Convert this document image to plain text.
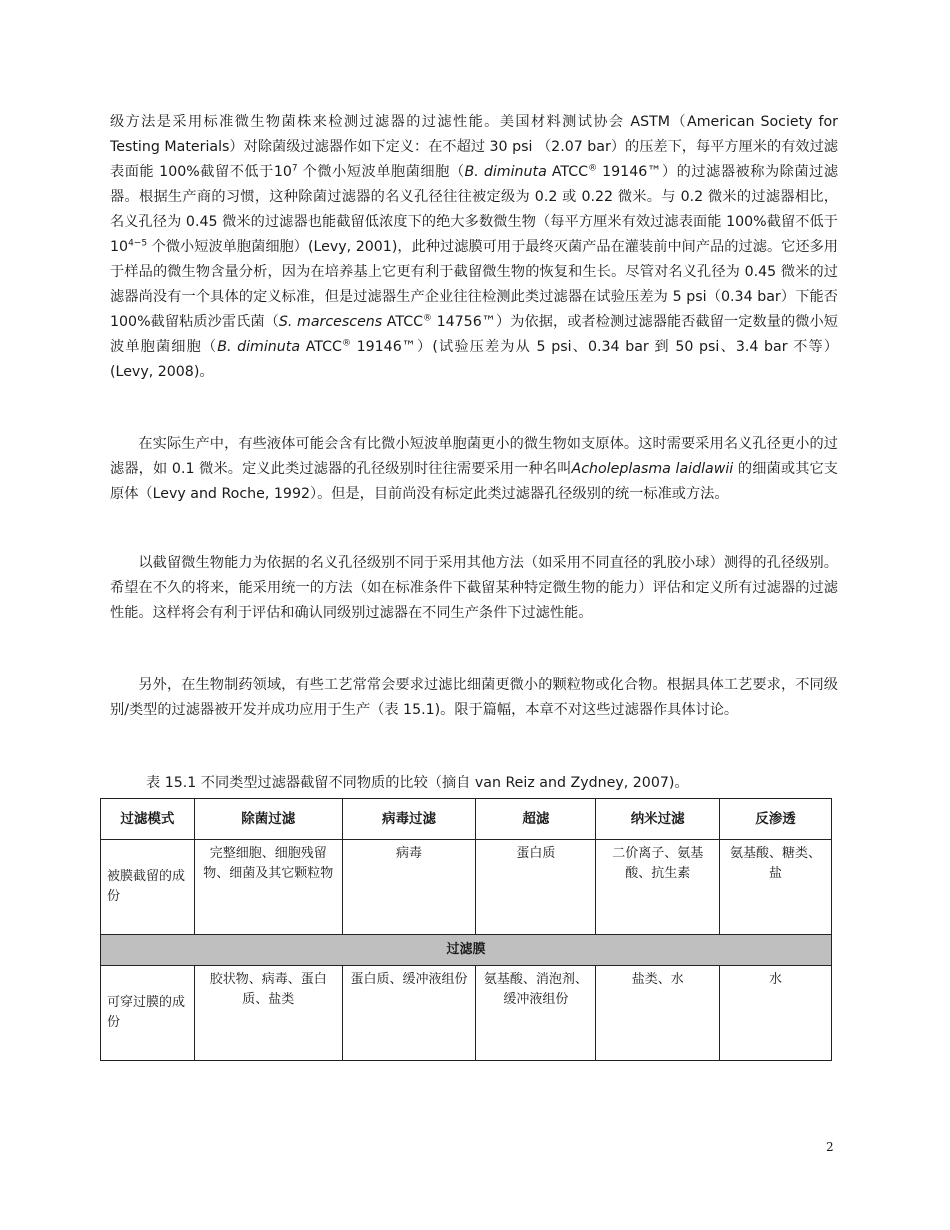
级方法是采用标准微生物菌株来检测过滤器的过滤性能。美国材料测试协会 ASTM（American Society for Testing Materials）对除菌级过滤器作如下定义：在不超过 30 psi （2.07 bar）的压差下，每平方厘米的有效过滤表面能 100%截留不低于$10^7$ 个微小短波单胞菌细胞（B. diminuta ATCC® 19146™）的过滤器被称为除菌过滤器。根据生产商的习惯，这种除菌过滤器的名义孔径往往被定级为 0.2 或 0.22 微米。与 0.2 微米的过滤器相比，名义孔径为 0.45 微米的过滤器也能截留低浓度下的绝大多数微生物（每平方厘米有效过滤表面能 100%截留不低于$10^{4-5}$ 个微小短波单胞菌细胞）(Levy, 2001)，此种过滤膜可用于最终灭菌产品在灌装前中间产品的过滤。它还多用于样品的微生物含量分析，因为在培养基上它更有利于截留微生物的恢复和生长。尽管对名义孔径为 0.45 微米的过滤器尚没有一个具体的定义标准，但是过滤器生产企业往往检测此类过滤器在试验压差为 5 psi（0.34 bar）下能否 100%截留粘质沙雷氏菌（S. marcescens ATCC® 14756™）为依据，或者检测过滤器能否截留一定数量的微小短波单胞菌细胞（B. diminuta ATCC® 19146™）(试验压差为从 5 psi、0.34 bar 到 50 psi、3.4 bar 不等）(Levy, 2008)。

在实际生产中，有些液体可能会含有比微小短波单胞菌更小的微生物如支原体。这时需要采用名义孔径更小的过滤器，如 0.1 微米。定义此类过滤器的孔径级别时往往需要采用一种名叫Acholeplasma laidlawii 的细菌或其它支原体（Levy and Roche, 1992）。但是，目前尚没有标定此类过滤器孔径级别的统一标准或方法。

以截留微生物能力为依据的名义孔径级别不同于采用其他方法（如采用不同直径的乳胶小球）测得的孔径级别。希望在不久的将来，能采用统一的方法（如在标准条件下截留某种特定微生物的能力）评估和定义所有过滤器的过滤性能。这样将会有利于评估和确认同级别过滤器在不同生产条件下过滤性能。

另外，在生物制药领域，有些工艺常常会要求过滤比细菌更微小的颗粒物或化合物。根据具体工艺要求，不同级别/类型的过滤器被开发并成功应用于生产（表 15.1)。限于篇幅，本章不对这些过滤器作具体讨论。

表 15.1 不同类型过滤器截留不同物质的比较（摘自 van Reiz and Zydney, 2007)。
过滤模式	除菌过滤	病毒过滤	超滤	纳米过滤	反渗透
被膜截留的成份	完整细胞、细胞残留物、细菌及其它颗粒物	病毒	蛋白质	二价离子、氨基酸、抗生素	氨基酸、糖类、盐
过滤膜					
可穿过膜的成份	胶状物、病毒、蛋白质、盐类	蛋白质、缓冲液组份	氨基酸、消泡剂、缓冲液组份	盐类、水	水
2
